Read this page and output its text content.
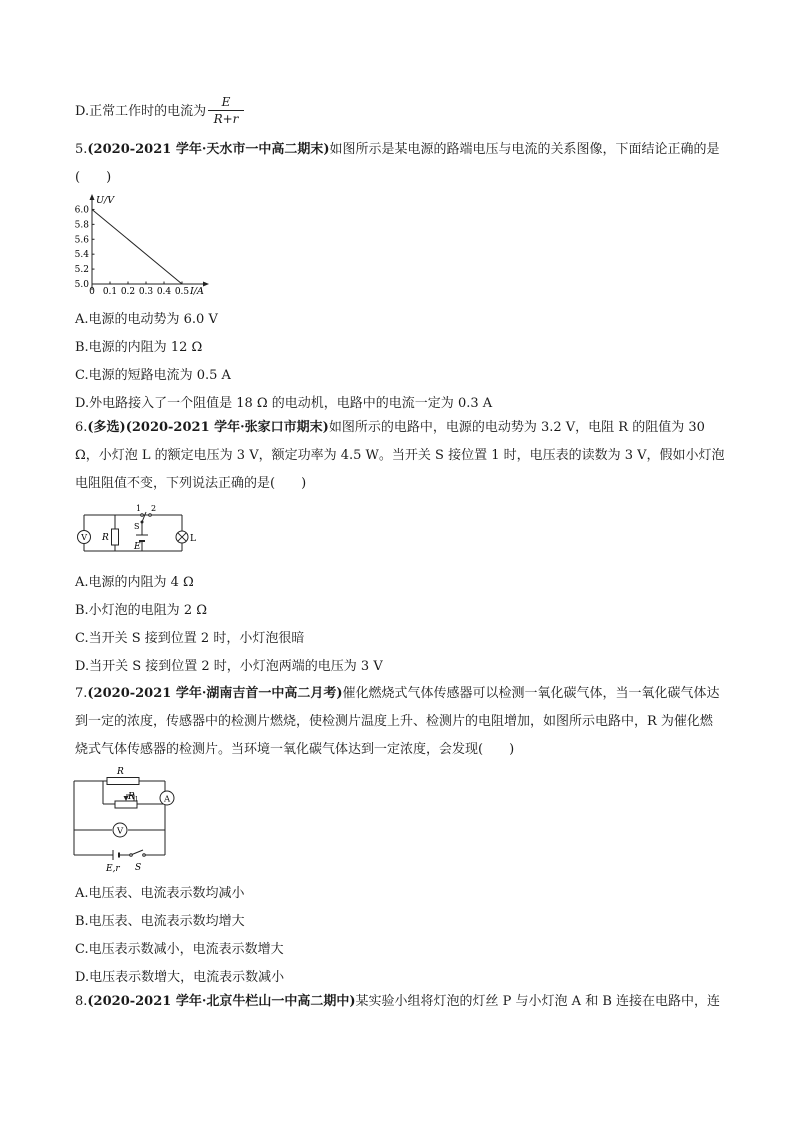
D.正常工作时的电流为
E
R+r
5.(2020-2021 学年·天水市一中高二期末)如图所示是某电源的路端电压与电流的关系图像，下面结论正确的是(　　)
U/V
I/A
0 0.1 0.2 0.3 0.4 0.5
5.0
5.2
5.4
5.6
5.8
6.0
A.电源的电动势为 6.0 V
B.电源的内阻为 12 Ω
C.电源的短路电流为 0.5 A
D.外电路接入了一个阻值是 18 Ω 的电动机，电路中的电流一定为 0.3 A
6.(多选)(2020-2021 学年·张家口市期末)如图所示的电路中，电源的电动势为 3.2 V，电阻 R 的阻值为 30 Ω，小灯泡 L 的额定电压为 3 V，额定功率为 4.5 W。当开关 S 接位置 1 时，电压表的读数为 3 V，假如小灯泡电阻阻值不变，下列说法正确的是(　　)
V R
1 2
S
E
L
A.电源的内阻为 4 Ω
B.小灯泡的电阻为 2 Ω
C.当开关 S 接到位置 2 时，小灯泡很暗
D.当开关 S 接到位置 2 时，小灯泡两端的电压为 3 V
7.(2020-2021 学年·湖南吉首一中高二月考)催化燃烧式气体传感器可以检测一氧化碳气体，当一氧化碳气体达到一定的浓度，传感器中的检测片燃烧，使检测片温度上升、检测片的电阻增加，如图所示电路中，R 为催化燃烧式气体传感器的检测片。当环境一氧化碳气体达到一定浓度，会发现(　　)
R
$R_1$	A
V
E,r S
A.电压表、电流表示数均减小
B.电压表、电流表示数均增大
C.电压表示数减小，电流表示数增大
D.电压表示数增大，电流表示数减小
8.(2020-2021 学年·北京牛栏山一中高二期中)某实验小组将灯泡的灯丝 P 与小灯泡 A 和 B 连接在电路中，连
